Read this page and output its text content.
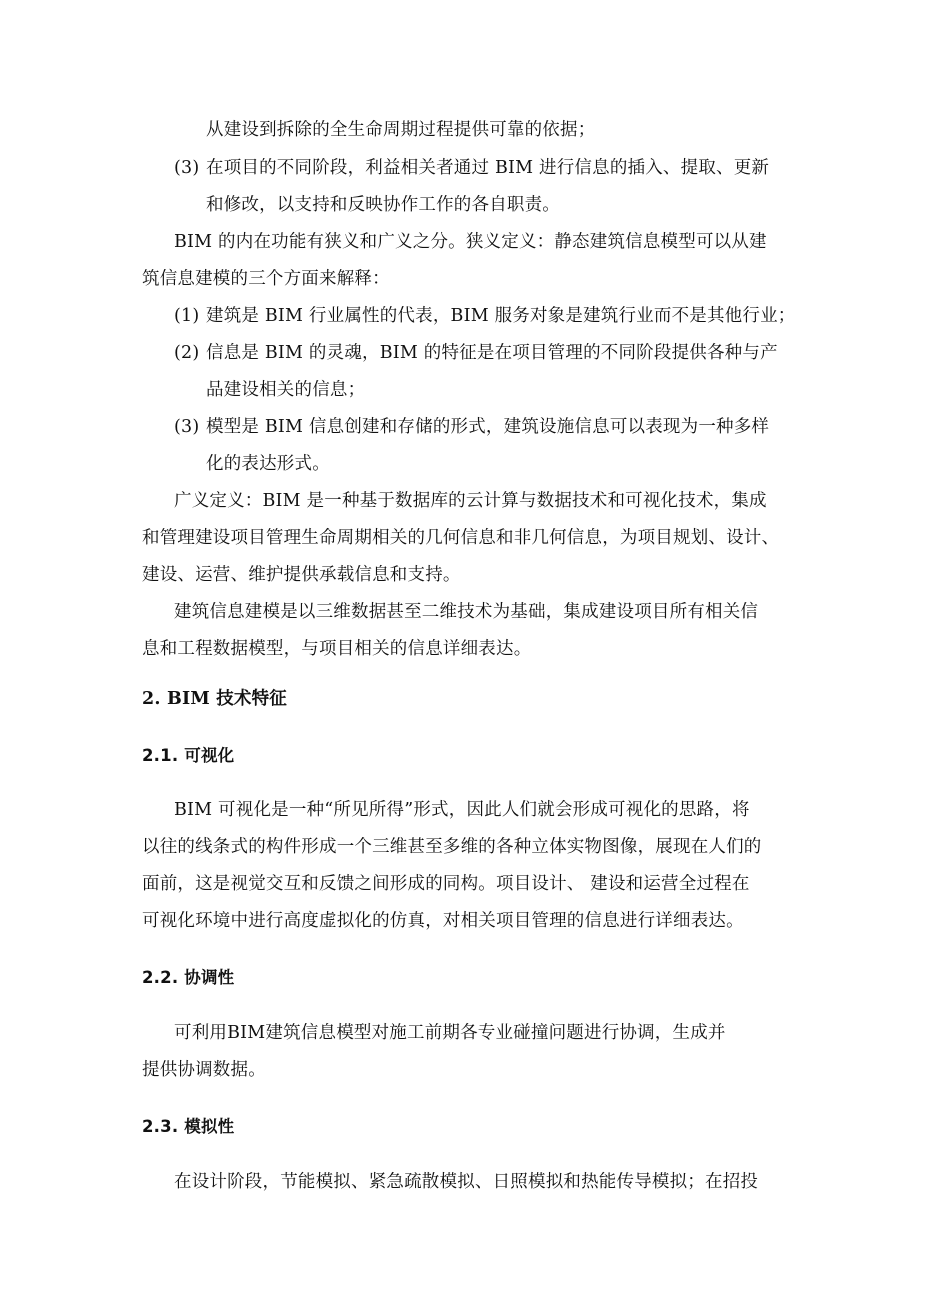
从建设到拆除的全生命周期过程提供可靠的依据；
(3) 在项目的不同阶段，利益相关者通过 BIM 进行信息的插入、提取、更新
和修改，以支持和反映协作工作的各自职责。
BIM 的内在功能有狭义和广义之分。狭义定义：静态建筑信息模型可以从建
筑信息建模的三个方面来解释：
(1) 建筑是 BIM 行业属性的代表，BIM 服务对象是建筑行业而不是其他行业；
(2) 信息是 BIM 的灵魂，BIM 的特征是在项目管理的不同阶段提供各种与产
品建设相关的信息；
(3) 模型是 BIM 信息创建和存储的形式，建筑设施信息可以表现为一种多样
化的表达形式。
广义定义：BIM 是一种基于数据库的云计算与数据技术和可视化技术，集成
和管理建设项目管理生命周期相关的几何信息和非几何信息，为项目规划、设计、
建设、运营、维护提供承载信息和支持。
建筑信息建模是以三维数据甚至二维技术为基础，集成建设项目所有相关信
息和工程数据模型，与项目相关的信息详细表达。
2. BIM 技术特征
2.1. 可视化
BIM 可视化是一种“所见所得”形式，因此人们就会形成可视化的思路，将
以往的线条式的构件形成一个三维甚至多维的各种立体实物图像，展现在人们的
面前，这是视觉交互和反馈之间形成的同构。项目设计、 建设和运营全过程在
可视化环境中进行高度虚拟化的仿真，对相关项目管理的信息进行详细表达。
2.2. 协调性
可利用BIM建筑信息模型对施工前期各专业碰撞问题进行协调，生成并
提供协调数据。
2.3. 模拟性
在设计阶段，节能模拟、紧急疏散模拟、日照模拟和热能传导模拟；在招投
